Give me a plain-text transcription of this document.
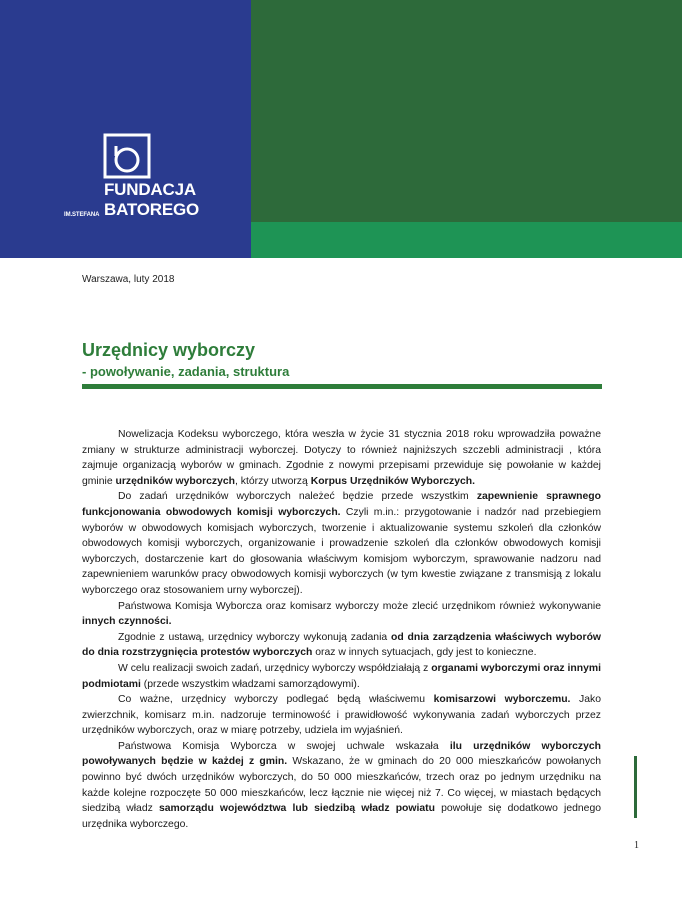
FUNDACJA
IM.STEFANA BATOREGO
Warszawa, luty 2018
Urzędnicy wyborczy
- powoływanie, zadania, struktura

Nowelizacja Kodeksu wyborczego, która weszła w życie 31 stycznia 2018 roku wprowadziła poważne zmiany w strukturze administracji wyborczej. Dotyczy to również najniższych szczebli administracji , która zajmuje organizacją wyborów w gminach. Zgodnie z nowymi przepisami przewiduje się powołanie w każdej gminie urzędników wyborczych, którzy utworzą Korpus Urzędników Wyborczych.

Do zadań urzędników wyborczych należeć będzie przede wszystkim zapewnienie sprawnego funkcjonowania obwodowych komisji wyborczych. Czyli m.in.: przygotowanie i nadzór nad przebiegiem wyborów w obwodowych komisjach wyborczych, tworzenie i aktualizowanie systemu szkoleń dla członków obwodowych komisji wyborczych, organizowanie i prowadzenie szkoleń dla członków obwodowych komisji wyborczych, dostarczenie kart do głosowania właściwym komisjom wyborczym, sprawowanie nadzoru nad zapewnieniem warunków pracy obwodowych komisji wyborczych (w tym kwestie związane z transmisją z lokalu wyborczego oraz stosowaniem urny wyborczej).

Państwowa Komisja Wyborcza oraz komisarz wyborczy może zlecić urzędnikom również wykonywanie innych czynności.

Zgodnie z ustawą, urzędnicy wyborczy wykonują zadania od dnia zarządzenia właściwych wyborów do dnia rozstrzygnięcia protestów wyborczych oraz w innych sytuacjach, gdy jest to konieczne.

W celu realizacji swoich zadań, urzędnicy wyborczy współdziałają z organami wyborczymi oraz innymi podmiotami (przede wszystkim władzami samorządowymi).

Co ważne, urzędnicy wyborczy podlegać będą właściwemu komisarzowi wyborczemu. Jako zwierzchnik, komisarz m.in. nadzoruje terminowość i prawidłowość wykonywania zadań wyborczych przez urzędników wyborczych, oraz w miarę potrzeby, udziela im wyjaśnień.

Państwowa Komisja Wyborcza w swojej uchwale wskazała ilu urzędników wyborczych powoływanych będzie w każdej z gmin. Wskazano, że w gminach do 20 000 mieszkańców powołanych powinno być dwóch urzędników wyborczych, do 50 000 mieszkańców, trzech oraz po jednym urzędniku na każde kolejne rozpoczęte 50 000 mieszkańców, lecz łącznie nie więcej niż 7. Co więcej, w miastach będących siedzibą władz samorządu województwa lub siedzibą władz powiatu powołuje się dodatkowo jednego urzędnika wyborczego.

1
